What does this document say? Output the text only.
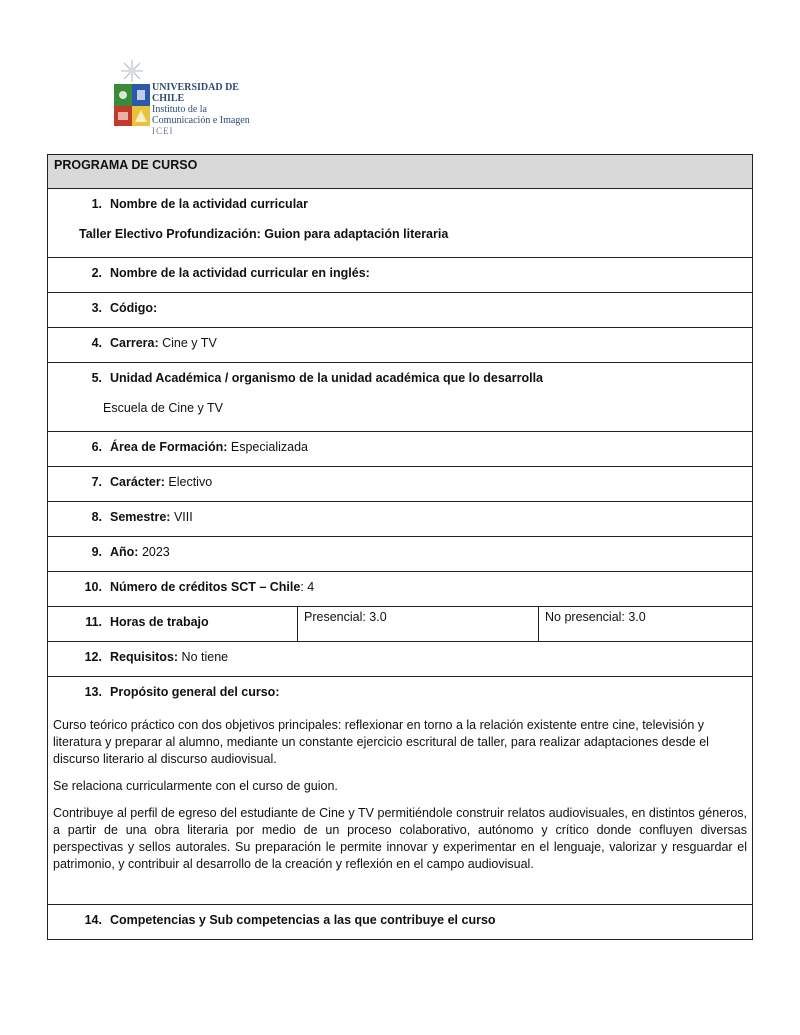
UNIVERSIDAD DE CHILE
Instituto de la
Comunicación e Imagen
ICEI
PROGRAMA DE CURSO
1. Nombre de la actividad curricular
Taller Electivo Profundización: Guion para adaptación literaria
2. Nombre de la actividad curricular en inglés:
3. Código:
4. Carrera: Cine y TV
5. Unidad Académica / organismo de la unidad académica que lo desarrolla
Escuela de Cine y TV
6. Área de Formación: Especializada
7. Carácter: Electivo
8. Semestre: VIII
9. Año: 2023
10. Número de créditos SCT – Chile: 4
11. Horas de trabajo	Presencial: 3.0	No presencial: 3.0
12. Requisitos: No tiene
13. Propósito general del curso:

Curso teórico práctico con dos objetivos principales: reflexionar en torno a la relación existente entre cine, televisión y literatura y preparar al alumno, mediante un constante ejercicio escritural de taller, para realizar adaptaciones desde el discurso literario al discurso audiovisual.

Se relaciona curricularmente con el curso de guion.

Contribuye al perfil de egreso del estudiante de Cine y TV permitiéndole construir relatos audiovisuales, en distintos géneros, a partir de una obra literaria por medio de un proceso colaborativo, autónomo y crítico donde confluyen diversas perspectivas y sellos autorales. Su preparación le permite innovar y experimentar en el lenguaje, valorizar y resguardar el patrimonio, y contribuir al desarrollo de la creación y reflexión en el campo audiovisual.

14. Competencias y Sub competencias a las que contribuye el curso
